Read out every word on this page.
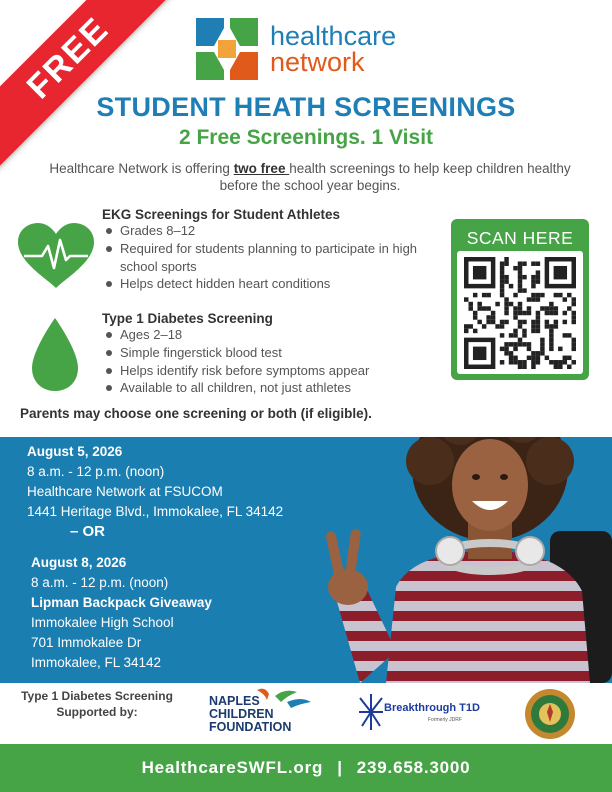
FREE	healthcare
network
STUDENT HEATH SCREENINGS
2 Free Screenings. 1 Visit
Healthcare Network is offering two free health screenings to help keep children healthy before the school year begins.
EKG Screenings for Student Athletes
Grades 8–12
Required for students planning to participate in high school sports
Helps detect hidden heart conditions
Type 1 Diabetes Screening
Ages 2–18
Simple fingerstick blood test
Helps identify risk before symptoms appear
Available to all children, not just athletes
SCAN HERE
Parents may choose one screening or both (if eligible).
August 5, 2026
8 a.m. - 12 p.m. (noon)
Healthcare Network at FSUCOM
1441 Heritage Blvd., Immokalee, FL 34142
– OR
August 8, 2026
8 a.m. - 12 p.m. (noon)
Lipman Backpack Giveaway
Immokalee High School
701 Immokalee Dr
Immokalee, FL 34142
Type 1 Diabetes Screening Supported by:
NAPLES
CHILDREN
FOUNDATION
Breakthrough T1D
Formerly JDRF
HealthcareSWFL.org | 239.658.3000
